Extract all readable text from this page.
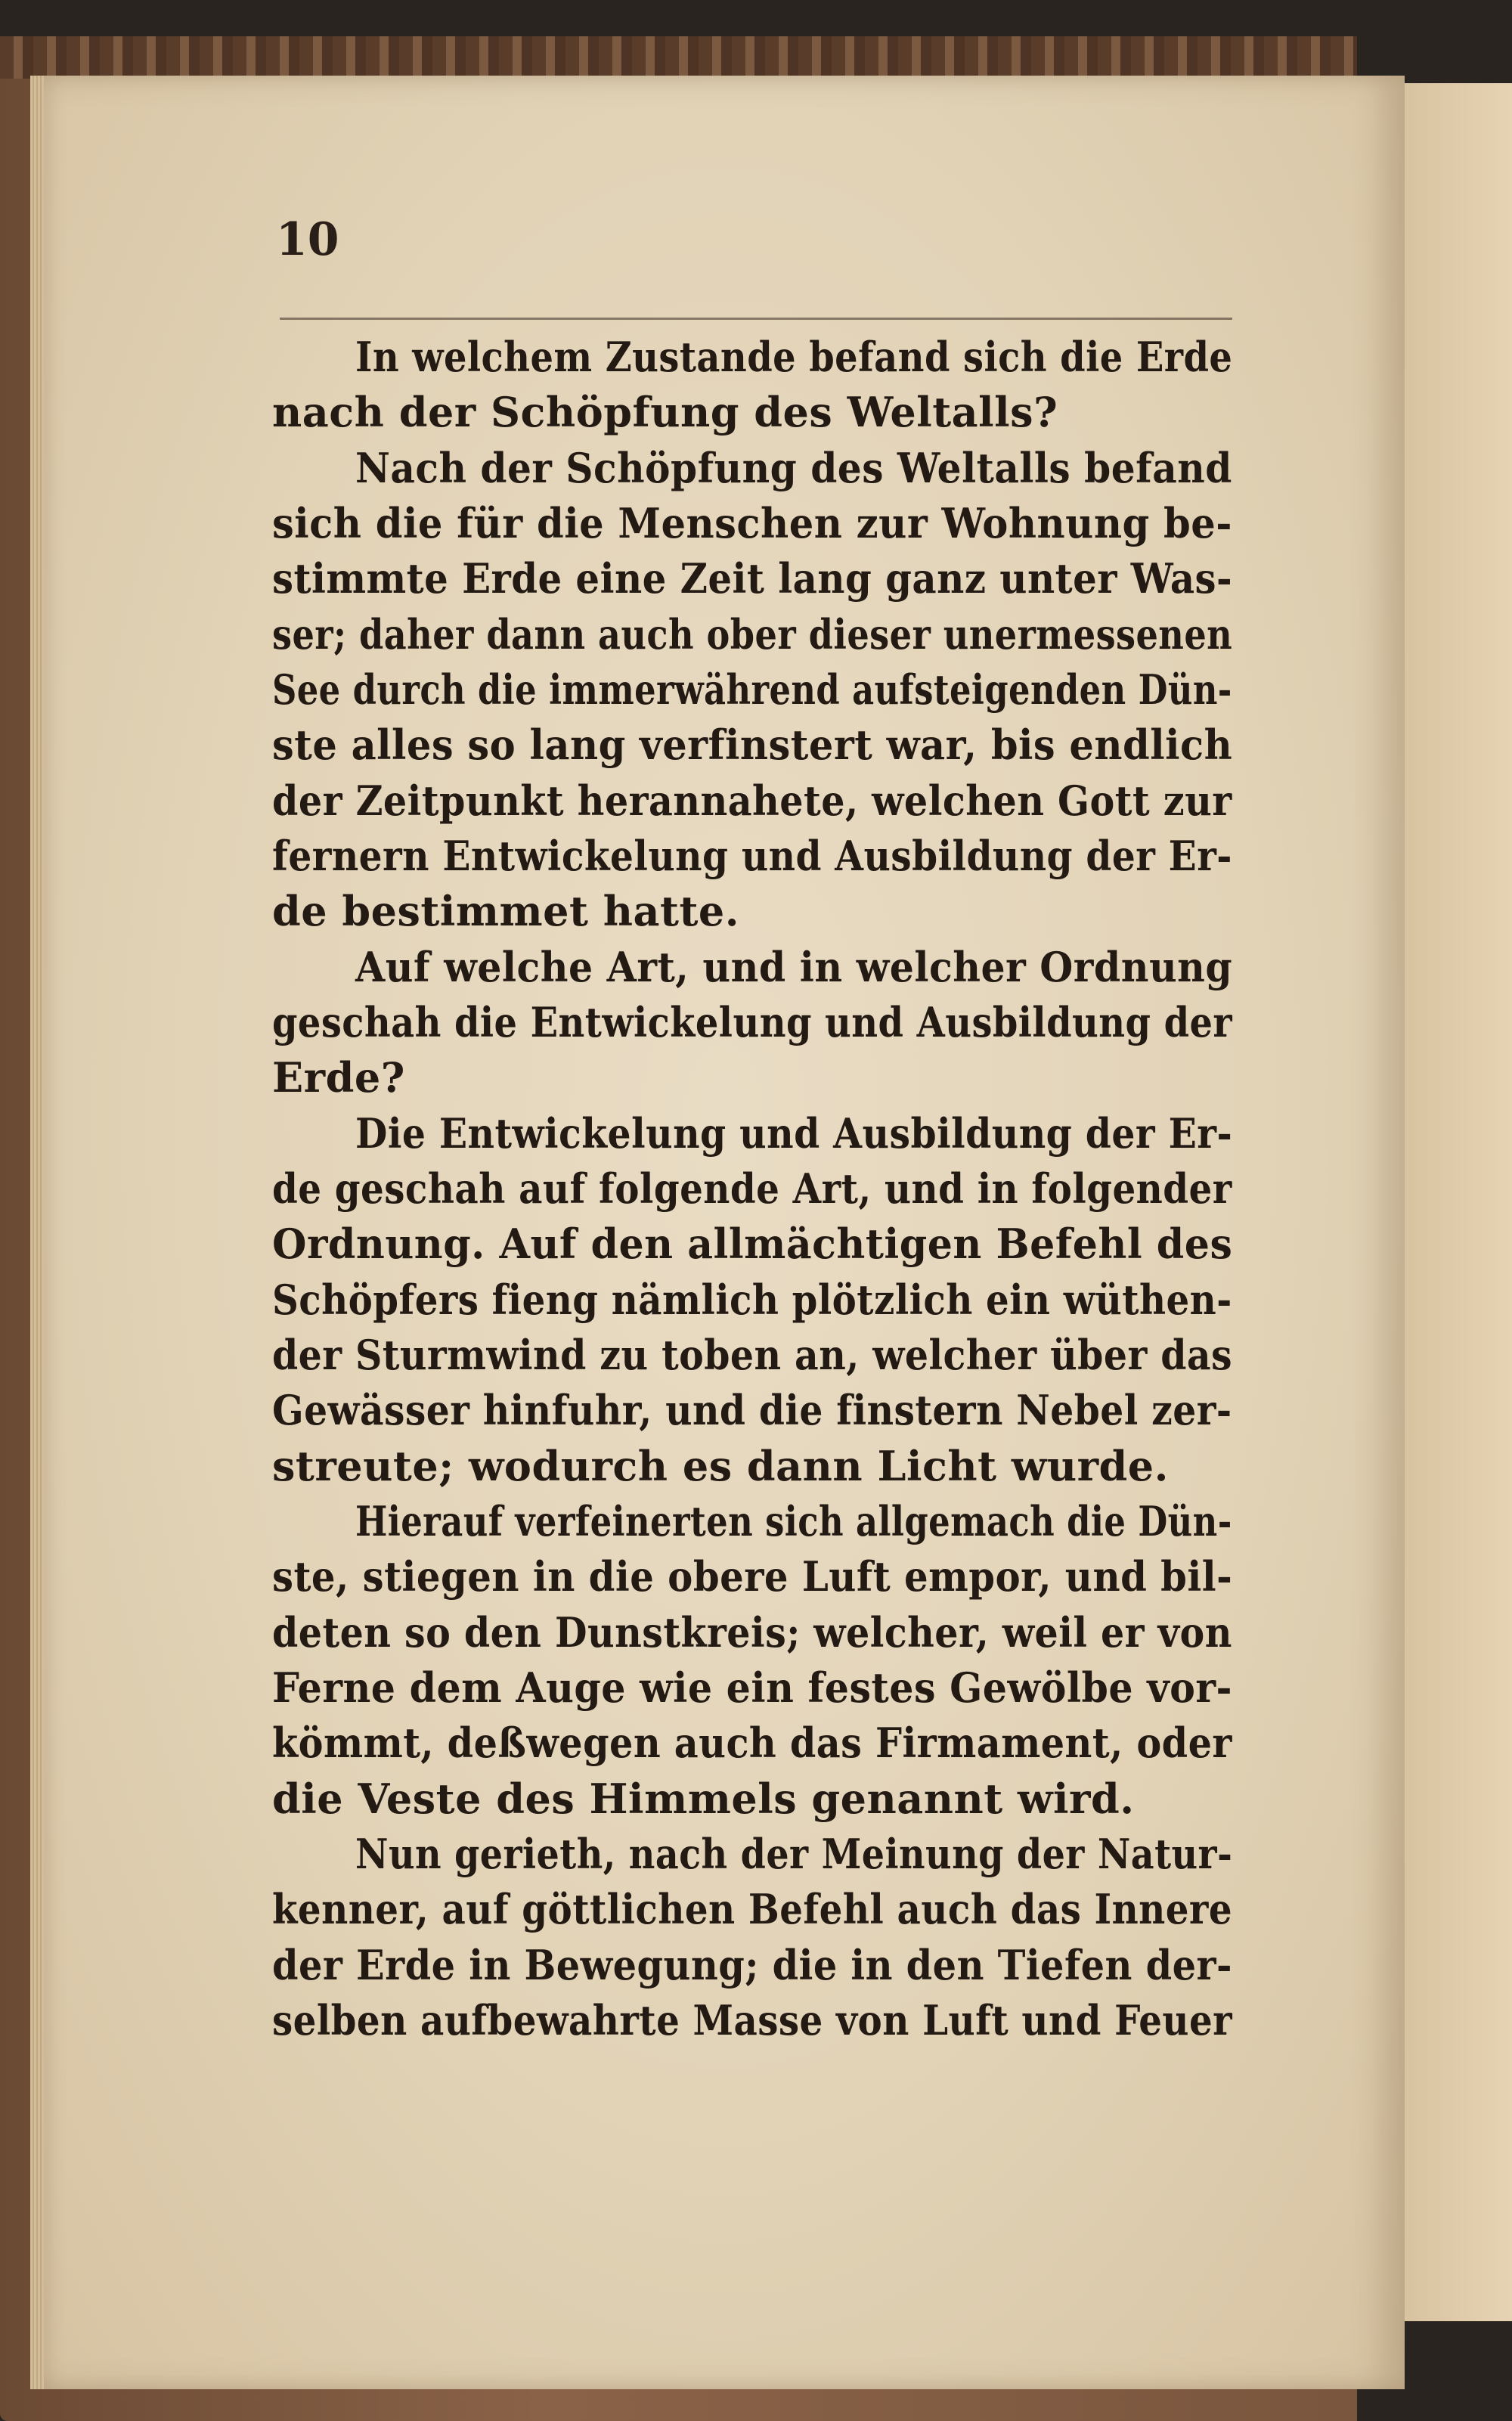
10
In welchem Zustande befand sich die Erde
nach der Schöpfung des Weltalls?
Nach der Schöpfung des Weltalls befand
sich die für die Menschen zur Wohnung be-
stimmte Erde eine Zeit lang ganz unter Was-
ser; daher dann auch ober dieser unermessenen
See durch die immerwährend aufsteigenden Dün-
ste alles so lang verfinstert war, bis endlich
der Zeitpunkt herannahete, welchen Gott zur
fernern Entwickelung und Ausbildung der Er-
de bestimmet hatte.
Auf welche Art, und in welcher Ordnung
geschah die Entwickelung und Ausbildung der
Erde?
Die Entwickelung und Ausbildung der Er-
de geschah auf folgende Art, und in folgender
Ordnung. Auf den allmächtigen Befehl des
Schöpfers fieng nämlich plötzlich ein wüthen-
der Sturmwind zu toben an, welcher über das
Gewässer hinfuhr, und die finstern Nebel zer-
streute; wodurch es dann Licht wurde.
Hierauf verfeinerten sich allgemach die Dün-
ste, stiegen in die obere Luft empor, und bil-
deten so den Dunstkreis; welcher, weil er von
Ferne dem Auge wie ein festes Gewölbe vor-
kömmt, deßwegen auch das Firmament, oder
die Veste des Himmels genannt wird.
Nun gerieth, nach der Meinung der Natur-
kenner, auf göttlichen Befehl auch das Innere
der Erde in Bewegung; die in den Tiefen der-
selben aufbewahrte Masse von Luft und Feuer
